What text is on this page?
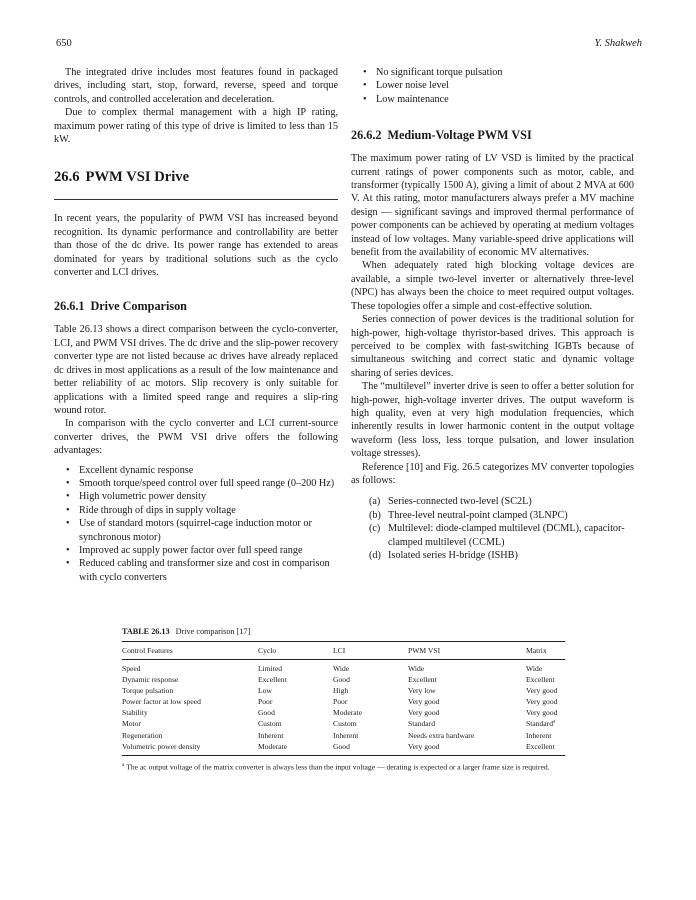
650	Y. Shakweh

The integrated drive includes most features found in packaged drives, including start, stop, forward, reverse, speed and torque controls, and controlled acceleration and deceleration.

Due to complex thermal management with a high IP rating, maximum power rating of this type of drive is limited to less than 15 kW.

26.6 PWM VSI Drive

In recent years, the popularity of PWM VSI has increased beyond recognition. Its dynamic performance and controllability are better than those of the dc drive. Its power range has extended to areas dominated for years by traditional solutions such as the cyclo converter and LCI drives.

26.6.1 Drive Comparison

Table 26.13 shows a direct comparison between the cyclo-converter, LCI, and PWM VSI drives. The dc drive and the slip-power recovery converter type are not listed because ac drives have already replaced dc drives in most applications as a result of the low maintenance and better reliability of ac motors. Slip recovery is only suitable for applications with a limited speed range and requires a slip-ring wound rotor.

In comparison with the cyclo converter and LCI current-source converter drives, the PWM VSI drive offers the following advantages:

• Excellent dynamic response
• Smooth torque/speed control over full speed range (0–200 Hz)
• High volumetric power density
• Ride through of dips in supply voltage
• Use of standard motors (squirrel-cage induction motor or synchronous motor)
• Improved ac supply power factor over full speed range
• Reduced cabling and transformer size and cost in comparison with cyclo converters
• No significant torque pulsation
• Lower noise level
• Low maintenance
26.6.2 Medium-Voltage PWM VSI

The maximum power rating of LV VSD is limited by the practical current ratings of power components such as motor, cable, and transformer (typically 1500 A), giving a limit of about 2 MVA at 600 V. At this rating, motor manufacturers always prefer a MV machine design — significant savings and improved thermal performance of power components can be achieved by operating at medium voltages instead of low voltages. Many variable-speed drive applications will benefit from the availability of economic MV alternatives.

When adequately rated high blocking voltage devices are available, a simple two-level inverter or alternatively three-level (NPC) has always been the choice to meet required output voltages. These topologies offer a simple and cost-effective solution.

Series connection of power devices is the traditional solution for high-power, high-voltage thyristor-based drives. This approach is perceived to be complex with fast-switching IGBTs because of simultaneous switching and correct static and dynamic voltage sharing of series devices.

The “multilevel” inverter drive is seen to offer a better solution for high-power, high-voltage inverter drives. The output waveform is high quality, even at very high modulation frequencies, which inherently results in lower harmonic content in the output voltage waveform (less loss, less torque pulsation, and lower insulation voltage stresses).

Reference [10] and Fig. 26.5 categorizes MV converter topologies as follows:

(a) Series-connected two-level (SC2L)
(b) Three-level neutral-point clamped (3LNPC)
(c) Multilevel: diode-clamped multilevel (DCML), capacitor-clamped multilevel (CCML)
(d) Isolated series H-bridge (ISHB)
TABLE 26.13 Drive comparison [17]
Control Features	Cyclo	LCI	PWM VSI	Matrix
Speed	Limited	Wide	Wide	Wide
Dynamic response	Excellent	Good	Excellent	Excellent
Torque pulsation	Low	High	Very low	Very good
Power factor at low speed	Poor	Poor	Very good	Very good
Stability	Good	Moderate	Very good	Very good
Motor	Custom	Custom	Standard	Standard$^a$
Regeneration	Inherent	Inherent	Needs extra hardware	Inherent
Volumetric power density	Moderate	Good	Very good	Excellent
$^a$ The ac output voltage of the matrix converter is always less than the input voltage — derating is expected or a larger frame size is required.
